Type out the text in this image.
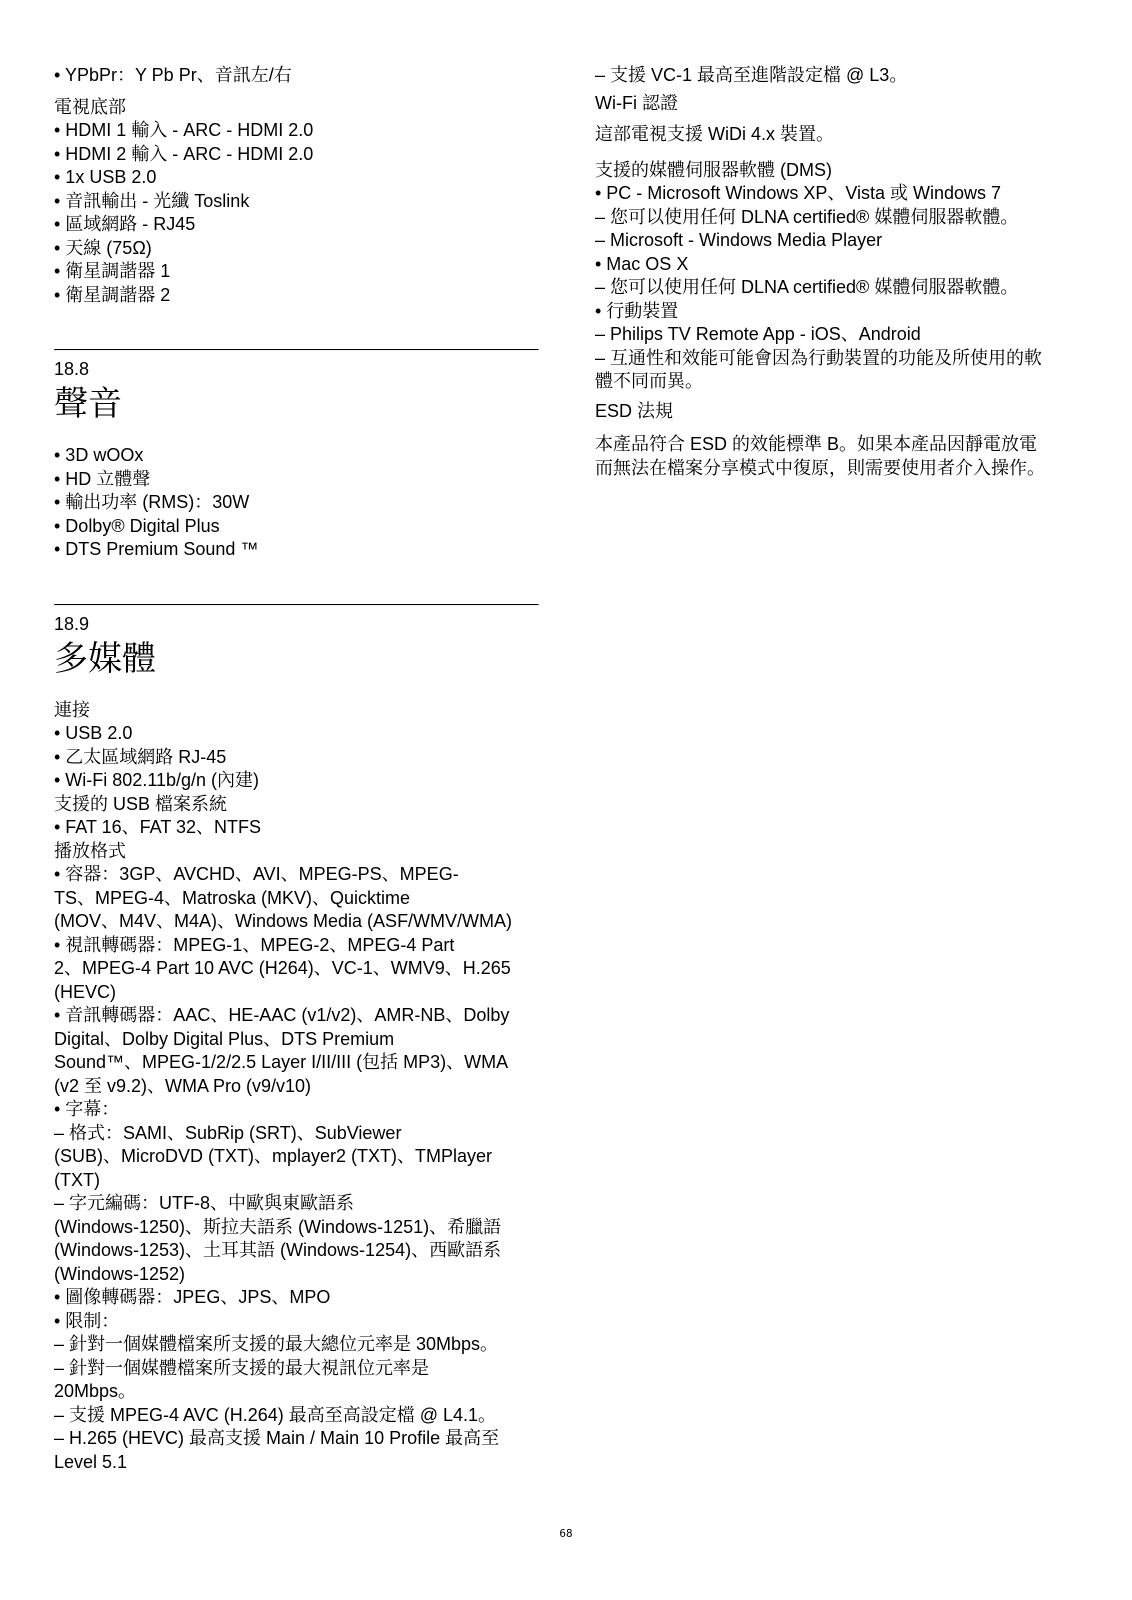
• YPbPr：Y Pb Pr、音訊左/右

電視底部

• HDMI 1 輸入 - ARC - HDMI 2.0

• HDMI 2 輸入 - ARC - HDMI 2.0

• 1x USB 2.0

• 音訊輸出 - 光纖 Toslink

• 區域網路 - RJ45

• 天線 (75Ω)

• 衛星調諧器 1

• 衛星調諧器 2

18.8

聲音

• 3D wOOx

• HD 立體聲

• 輸出功率 (RMS)：30W

• Dolby® Digital Plus

• DTS Premium Sound ™

18.9

多媒體

連接

• USB 2.0

• 乙太區域網路 RJ-45

• Wi-Fi 802.11b/g/n (內建)

支援的 USB 檔案系統

• FAT 16、FAT 32、NTFS

播放格式

• 容器：3GP、AVCHD、AVI、MPEG-PS、MPEG-

TS、MPEG-4、Matroska (MKV)、Quicktime

(MOV、M4V、M4A)、Windows Media (ASF/WMV/WMA)

• 視訊轉碼器：MPEG-1、MPEG-2、MPEG-4 Part

2、MPEG-4 Part 10 AVC (H264)、VC-1、WMV9、H.265

(HEVC)

• 音訊轉碼器：AAC、HE-AAC (v1/v2)、AMR-NB、Dolby

Digital、Dolby Digital Plus、DTS Premium

Sound™、MPEG-1/2/2.5 Layer I/II/III (包括 MP3)、WMA

(v2 至 v9.2)、WMA Pro (v9/v10)

• 字幕：

– 格式：SAMI、SubRip (SRT)、SubViewer

(SUB)、MicroDVD (TXT)、mplayer2 (TXT)、TMPlayer

(TXT)

– 字元編碼：UTF-8、中歐與東歐語系

(Windows-1250)、斯拉夫語系 (Windows-1251)、希臘語

(Windows-1253)、土耳其語 (Windows-1254)、西歐語系

(Windows-1252)

• 圖像轉碼器：JPEG、JPS、MPO

• 限制：

– 針對一個媒體檔案所支援的最大總位元率是 30Mbps。

– 針對一個媒體檔案所支援的最大視訊位元率是

20Mbps。

– 支援 MPEG-4 AVC (H.264) 最高至高設定檔 @ L4.1。

– H.265 (HEVC) 最高支援 Main / Main 10 Profile 最高至

Level 5.1

– 支援 VC-1 最高至進階設定檔 @ L3。

Wi-Fi 認證

這部電視支援 WiDi 4.x 裝置。

支援的媒體伺服器軟體 (DMS)

• PC - Microsoft Windows XP、Vista 或 Windows 7

– 您可以使用任何 DLNA certified® 媒體伺服器軟體。

– Microsoft - Windows Media Player

• Mac OS X

– 您可以使用任何 DLNA certified® 媒體伺服器軟體。

• 行動裝置

– Philips TV Remote App - iOS、Android

– 互通性和效能可能會因為行動裝置的功能及所使用的軟

體不同而異。

ESD 法規

本產品符合 ESD 的效能標準 B。如果本產品因靜電放電

而無法在檔案分享模式中復原，則需要使用者介入操作。

68
